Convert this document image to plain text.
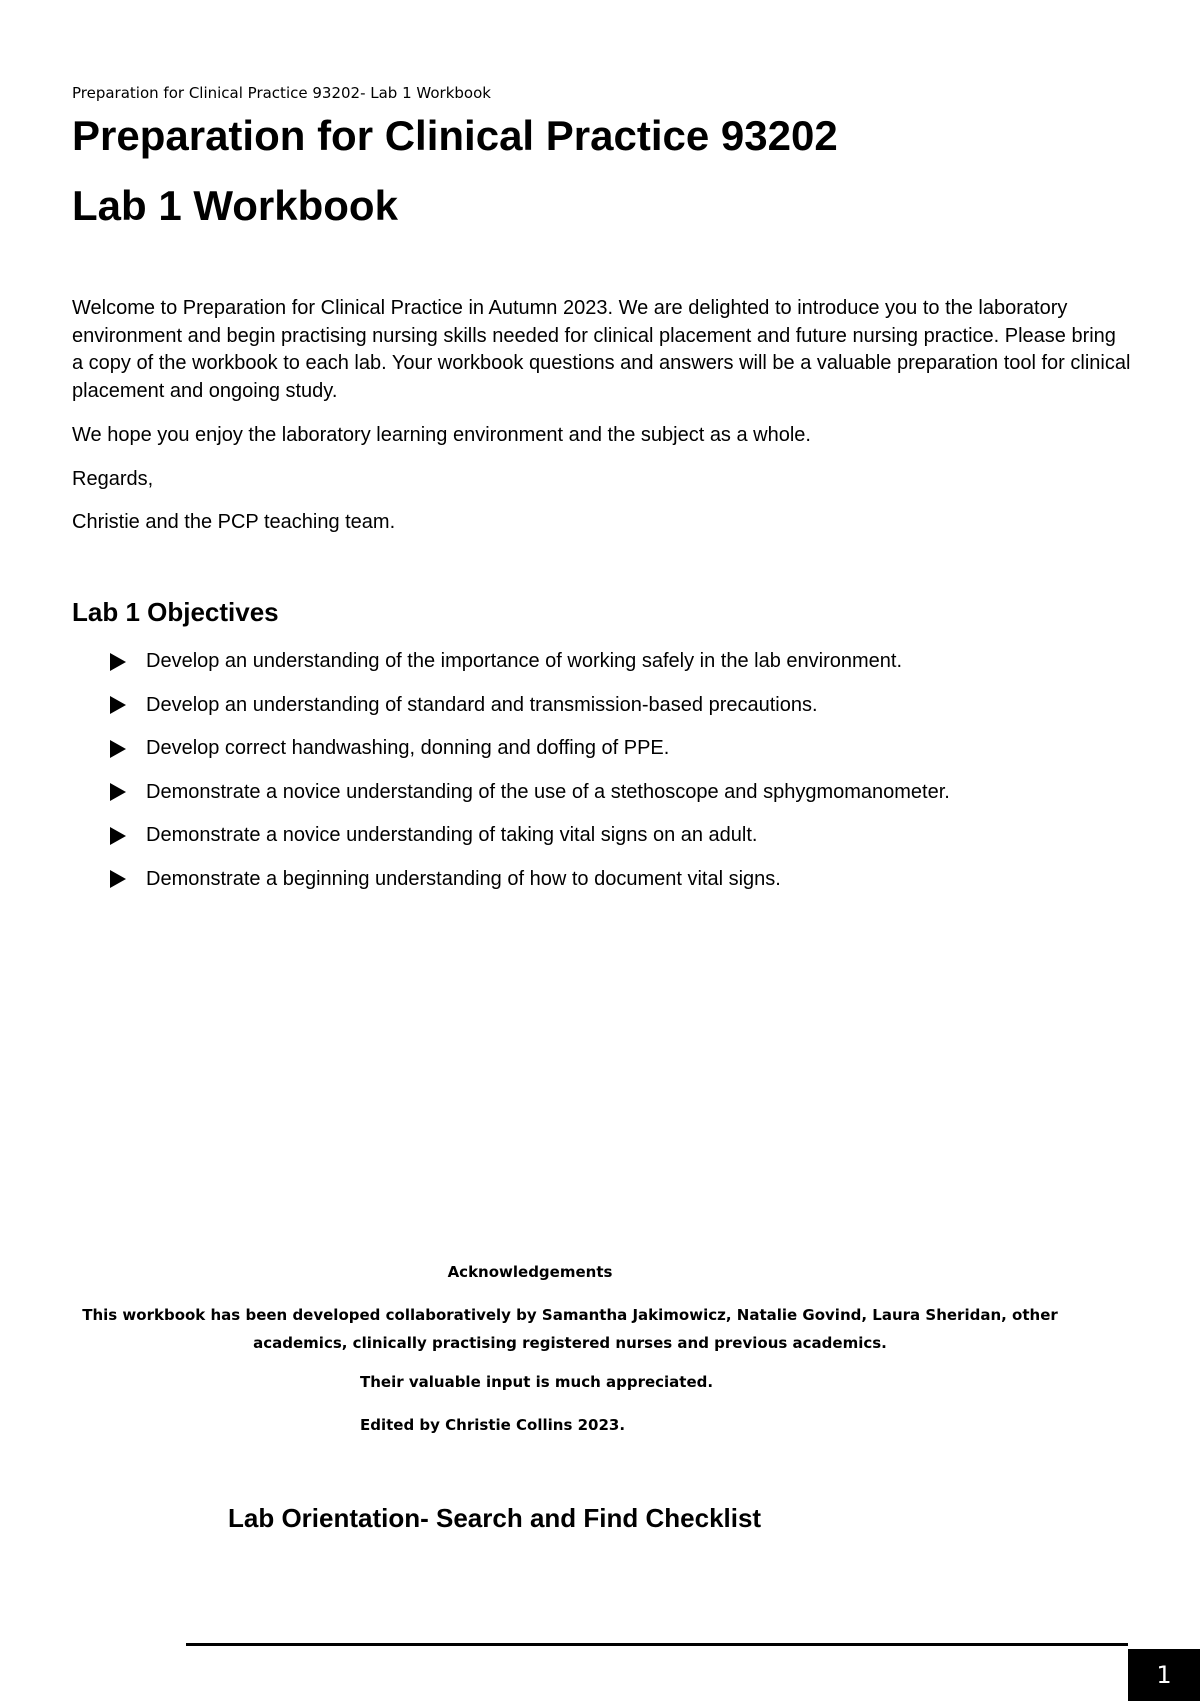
Preparation for Clinical Practice 93202- Lab 1 Workbook
Preparation for Clinical Practice 93202
Lab 1 Workbook

Welcome to Preparation for Clinical Practice in Autumn 2023. We are delighted to introduce you to the laboratory environment and begin practising nursing skills needed for clinical placement and future nursing practice. Please bring a copy of the workbook to each lab. Your workbook questions and answers will be a valuable preparation tool for clinical placement and ongoing study.

We hope you enjoy the laboratory learning environment and the subject as a whole.

Regards,

Christie and the PCP teaching team.

Lab 1 Objectives
Develop an understanding of the importance of working safely in the lab environment.
Develop an understanding of standard and transmission-based precautions.
Develop correct handwashing, donning and doffing of PPE.
Demonstrate a novice understanding of the use of a stethoscope and sphygmomanometer.
Demonstrate a novice understanding of taking vital signs on an adult.
Demonstrate a beginning understanding of how to document vital signs.
Acknowledgements
This workbook has been developed collaboratively by Samantha Jakimowicz, Natalie Govind, Laura Sheridan, other academics, clinically practising registered nurses and previous academics.
Their valuable input is much appreciated.
Edited by Christie Collins 2023.
Lab Orientation- Search and Find Checklist
1
